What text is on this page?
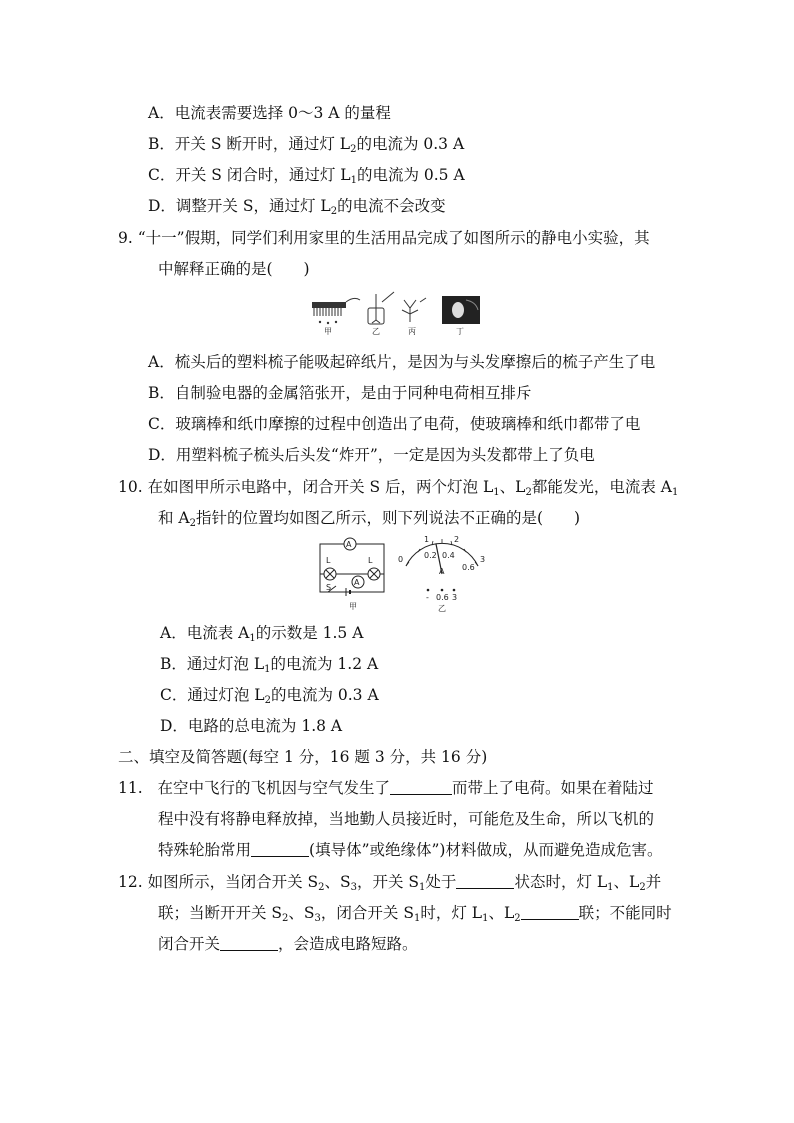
A．电流表需要选择 0～3 A 的量程
B．开关 S 断开时，通过灯 $L_2$的电流为 0.3 A
C．开关 S 闭合时，通过灯 $L_1$的电流为 0.5 A
D．调整开关 S，通过灯 $L_2$的电流不会改变
9. “十一”假期，同学们利用家里的生活用品完成了如图所示的静电小实验，其
中解释正确的是(　　)
甲	乙	丙	丁
A．梳头后的塑料梳子能吸起碎纸片，是因为与头发摩擦后的梳子产生了电
B．自制验电器的金属箔张开，是由于同种电荷相互排斥
C．玻璃棒和纸巾摩擦的过程中创造出了电荷，使玻璃棒和纸巾都带了电
D．用塑料梳子梳头后头发“炸开”，一定是因为头发都带上了负电
10. 在如图甲所示电路中，闭合开关 S 后，两个灯泡 $L_1$、$L_2$都能发光，电流表 $A_1$
和 $A_2$指针的位置均如图乙所示，则下列说法不正确的是(　　)
A
A
L	L
S
甲
1	2
0	0.2 0.4
0.6
3
A
- 0.6 3
乙
A．电流表 $A_1$的示数是 1.5 A
B．通过灯泡 $L_1$的电流为 1.2 A
C．通过灯泡 $L_2$的电流为 0.3 A
D．电路的总电流为 1.8 A
二、填空及简答题(每空 1 分，16 题 3 分，共 16 分)
11. 在空中飞行的飞机因与空气发生了	而带上了电荷。如果在着陆过
程中没有将静电释放掉，当地勤人员接近时，可能危及生命，所以飞机的
特殊轮胎常用	(填导体”或绝缘体”)材料做成，从而避免造成危害。
12. 如图所示，当闭合开关 $S_2$、$S_3$，开关 $S_1$处于	状态时，灯 $L_1$、$L_2$并
联；当断开开关 $S_2$、$S_3$，闭合开关 $S_1$时，灯 $L_1$、$L_2$	联；不能同时
闭合开关	，会造成电路短路。
